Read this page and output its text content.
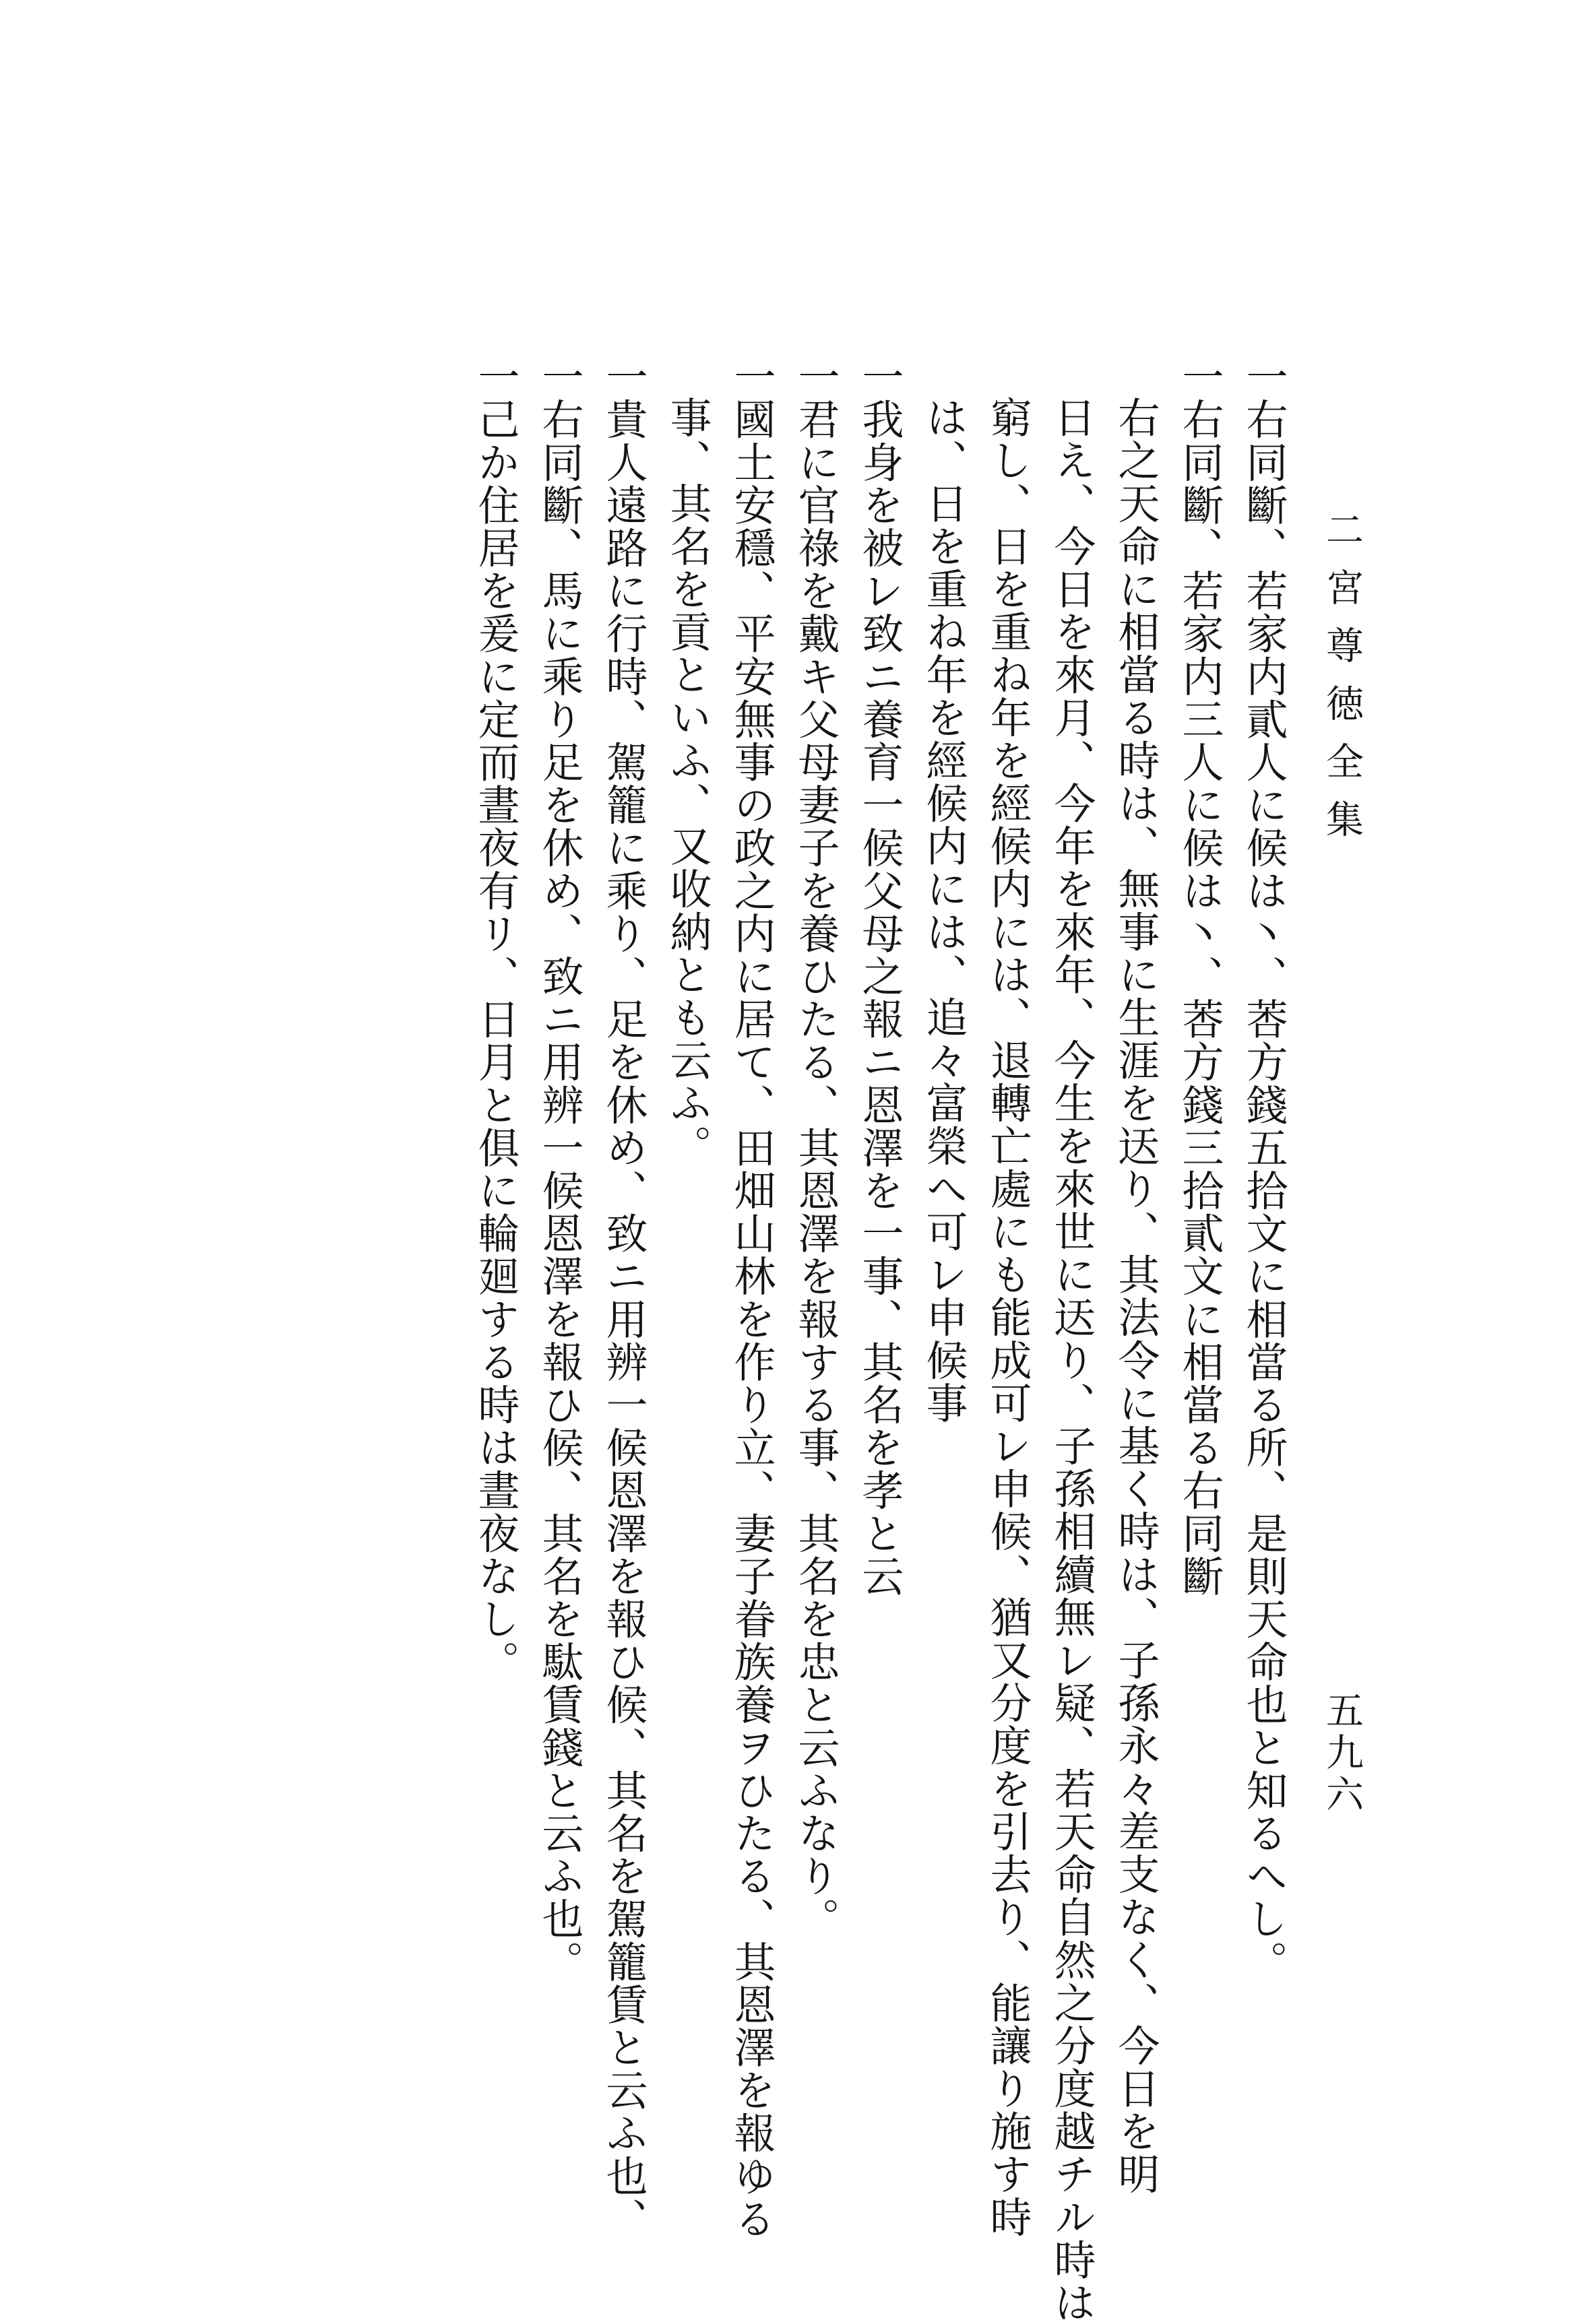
二宮尊徳全集
五九六
一右同斷、若家内貳人に候は丶、莕方錢五拾文に相當る所、是則天命也と知るへし。
一右同斷、若家内三人に候は丶、莕方錢三拾貳文に相當る右同斷
右之天命に相當る時は、無事に生涯を迗り、其法令に基く時は、子孫永々差支なく、今日を明
日え、今日を來月、今年を來年、今生を來世に迗り、子孫相續無レ疑、若天命自然之分度越チル時は
窮し、日を重ね年を經候内には、退轉亡處にも能成可レ申候、猶又分度を引去り、能讓り施す時
は、日を重ね年を經候内には、追々富榮へ可レ申候事
一我身を被レ致ニ養育一候父母之報ニ恩澤を一事、其名を孝と云
一君に官祿を戴キ父母妻子を養ひたる、其恩澤を報する事、其名を忠と云ふなり。
一國土安穩、平安無事の政之内に居て、田畑山林を作り立、妻子眷族養ヲひたる、其恩澤を報ゆる
事、其名を貢といふ、又收納とも云ふ。
一貴人遠路に行時、駕籠に乘り、足を休め、致ニ用辨一候恩澤を報ひ候、其名を駕籠賃と云ふ也、
一右同斷、馬に乘り足を休め、致ニ用辨一候恩澤を報ひ候、其名を駄賃錢と云ふ也。
一己か住居を爰に定而晝夜有リ、日月と俱に輪廻する時は晝夜なし。
